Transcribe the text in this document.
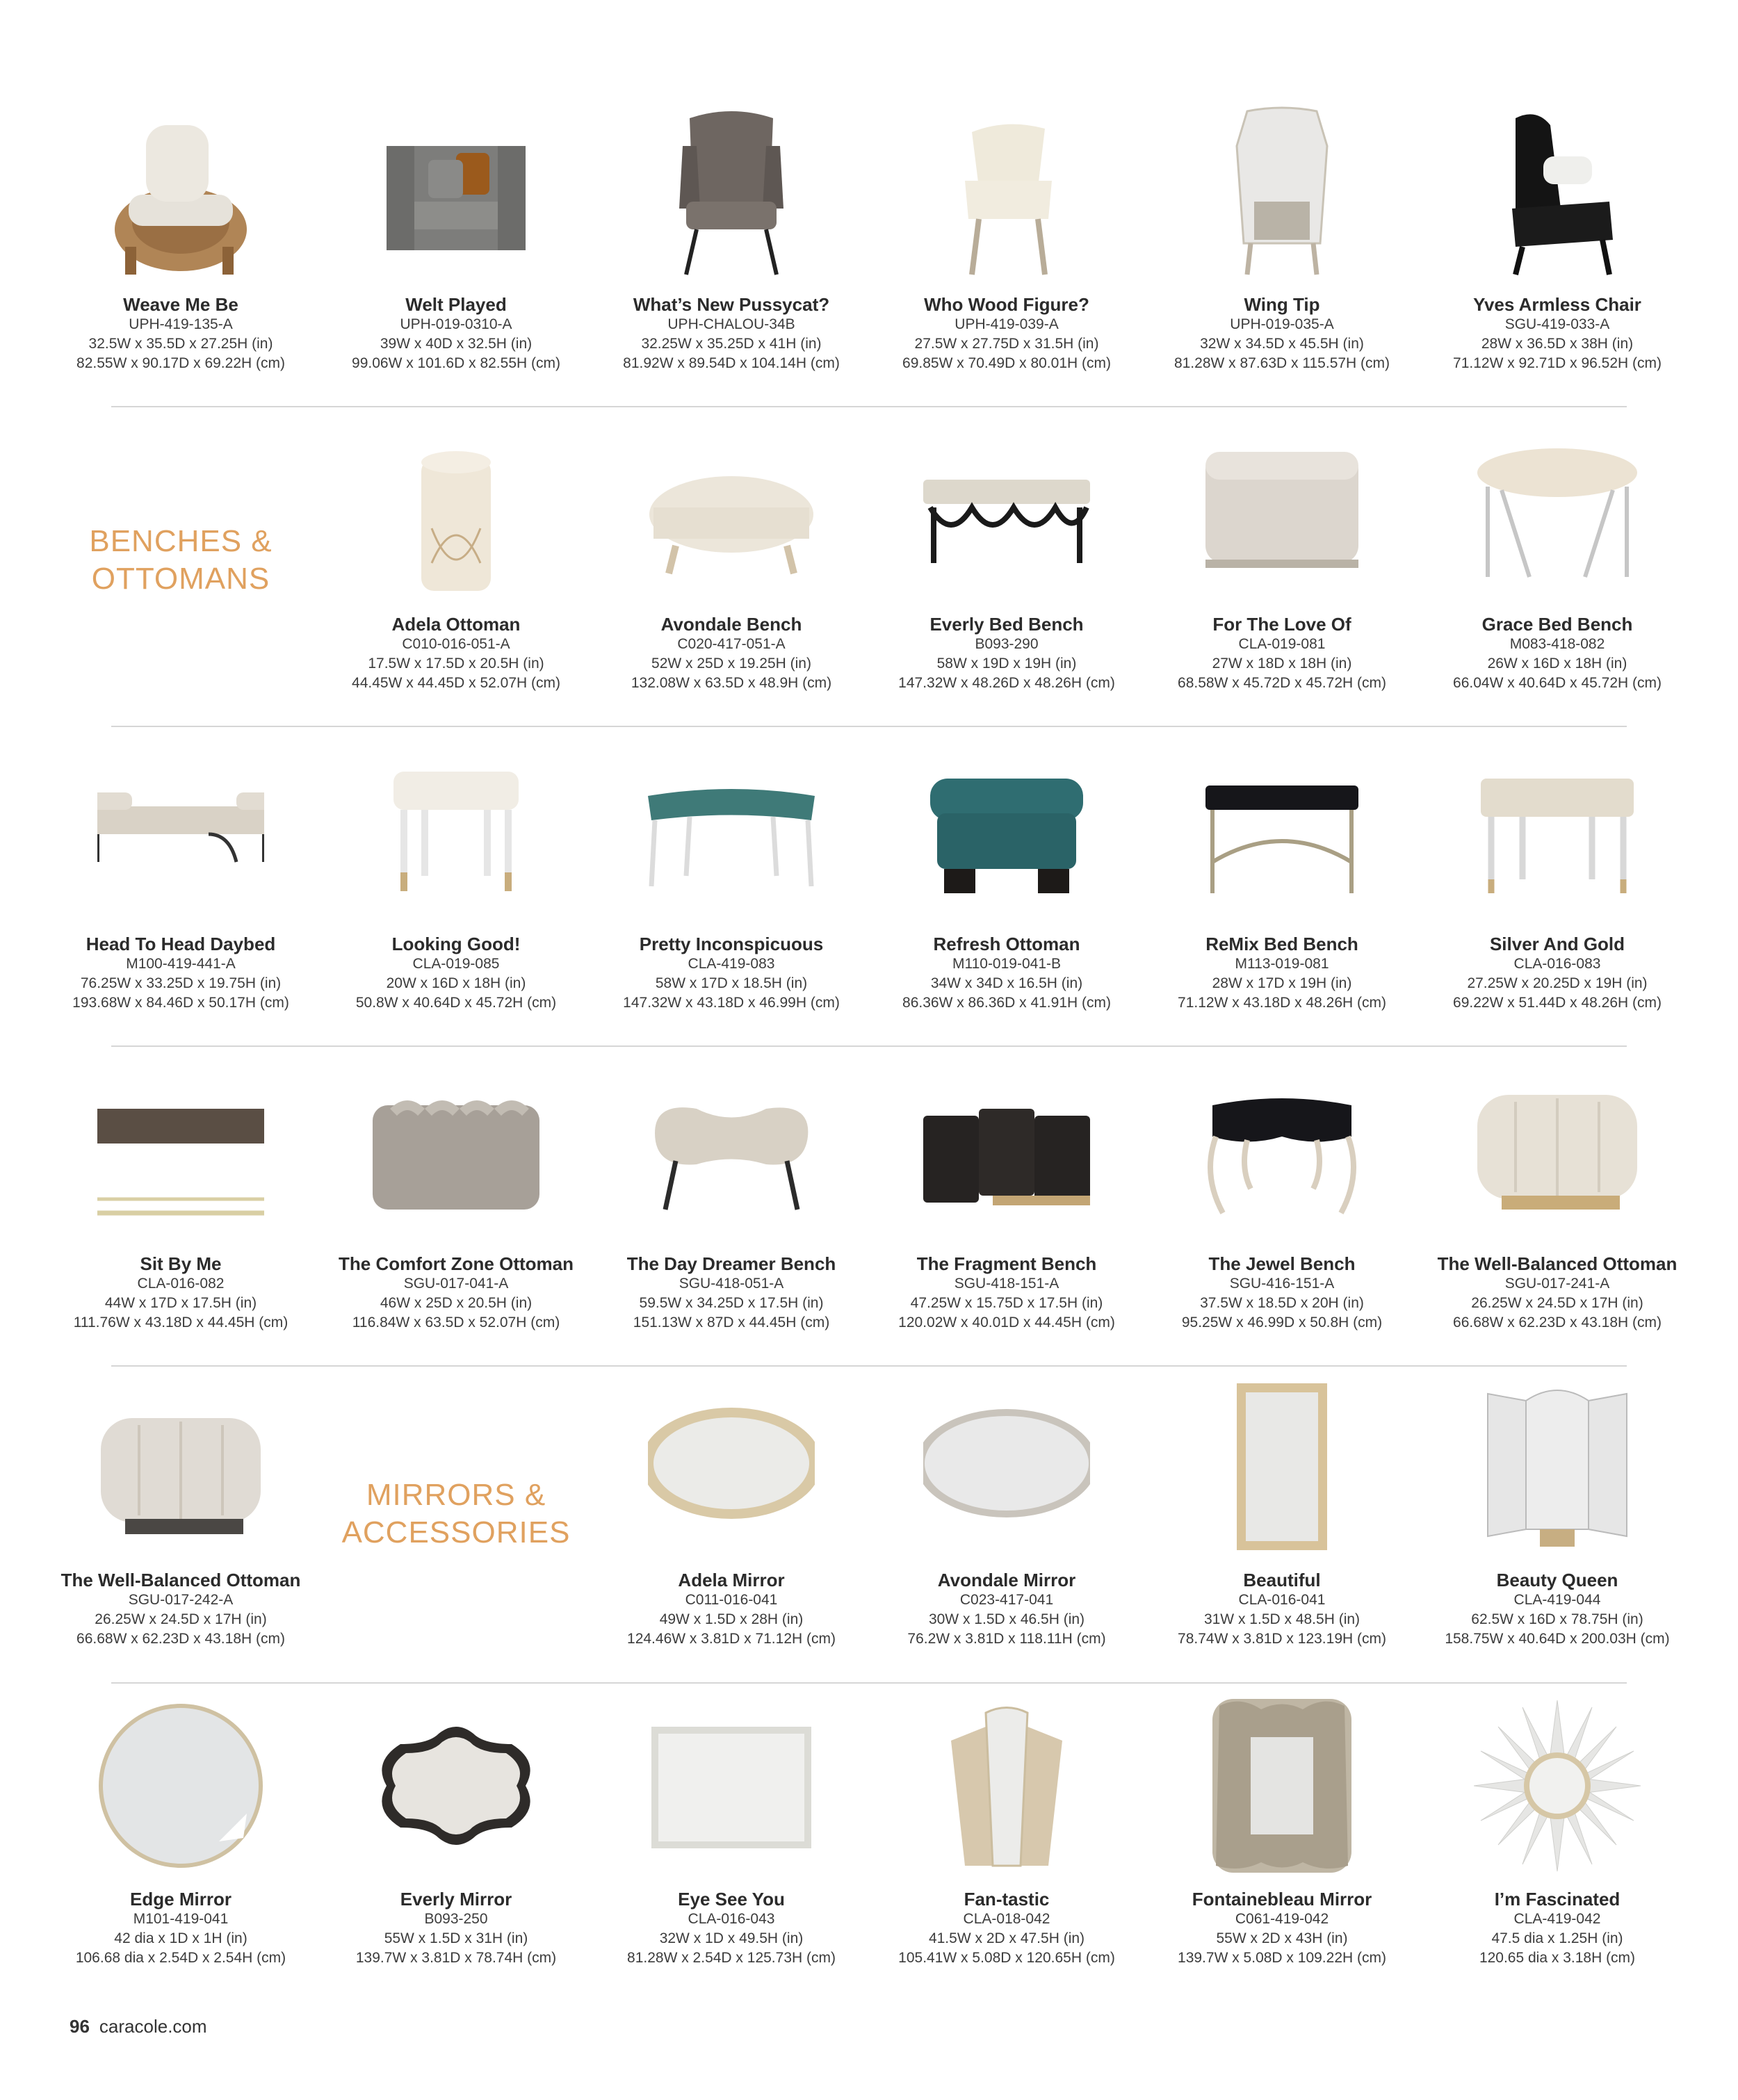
Weave Me Be
UPH-419-135-A
32.5W x 35.5D x 27.25H (in)
82.55W x 90.17D x 69.22H (cm)
Welt Played
UPH-019-0310-A
39W x 40D x 32.5H (in)
99.06W x 101.6D x 82.55H (cm)
What’s New Pussycat?
UPH-CHALOU-34B
32.25W x 35.25D x 41H (in)
81.92W x 89.54D x 104.14H (cm)
Who Wood Figure?
UPH-419-039-A
27.5W x 27.75D x 31.5H (in)
69.85W x 70.49D x 80.01H (cm)
Wing Tip
UPH-019-035-A
32W x 34.5D x 45.5H (in)
81.28W x 87.63D x 115.57H (cm)
Yves Armless Chair
SGU-419-033-A
28W x 36.5D x 38H (in)
71.12W x 92.71D x 96.52H (cm)
BENCHES &
OTTOMANS
Adela Ottoman
C010-016-051-A
17.5W x 17.5D x 20.5H (in)
44.45W x 44.45D x 52.07H (cm)
Avondale Bench
C020-417-051-A
52W x 25D x 19.25H (in)
132.08W x 63.5D x 48.9H (cm)
Everly Bed Bench
B093-290
58W x 19D x 19H (in)
147.32W x 48.26D x 48.26H (cm)
For The Love Of
CLA-019-081
27W x 18D x 18H (in)
68.58W x 45.72D x 45.72H (cm)
Grace Bed Bench
M083-418-082
26W x 16D x 18H (in)
66.04W x 40.64D x 45.72H (cm)
Head To Head Daybed
M100-419-441-A
76.25W x 33.25D x 19.75H (in)
193.68W x 84.46D x 50.17H (cm)
Looking Good!
CLA-019-085
20W x 16D x 18H (in)
50.8W x 40.64D x 45.72H (cm)
Pretty Inconspicuous
CLA-419-083
58W x 17D x 18.5H (in)
147.32W x 43.18D x 46.99H (cm)
Refresh Ottoman
M110-019-041-B
34W x 34D x 16.5H (in)
86.36W x 86.36D x 41.91H (cm)
ReMix Bed Bench
M113-019-081
28W x 17D x 19H (in)
71.12W x 43.18D x 48.26H (cm)
Silver And Gold
CLA-016-083
27.25W x 20.25D x 19H (in)
69.22W x 51.44D x 48.26H (cm)
Sit By Me
CLA-016-082
44W x 17D x 17.5H (in)
111.76W x 43.18D x 44.45H (cm)
The Comfort Zone Ottoman
SGU-017-041-A
46W x 25D x 20.5H (in)
116.84W x 63.5D x 52.07H (cm)
The Day Dreamer Bench
SGU-418-051-A
59.5W x 34.25D x 17.5H (in)
151.13W x 87D x 44.45H (cm)
The Fragment Bench
SGU-418-151-A
47.25W x 15.75D x 17.5H (in)
120.02W x 40.01D x 44.45H (cm)
The Jewel Bench
SGU-416-151-A
37.5W x 18.5D x 20H (in)
95.25W x 46.99D x 50.8H (cm)
The Well-Balanced Ottoman
SGU-017-241-A
26.25W x 24.5D x 17H (in)
66.68W x 62.23D x 43.18H (cm)
MIRRORS &
ACCESSORIES
The Well-Balanced Ottoman
SGU-017-242-A
26.25W x 24.5D x 17H (in)
66.68W x 62.23D x 43.18H (cm)
Adela Mirror
C011-016-041
49W x 1.5D x 28H (in)
124.46W x 3.81D x 71.12H (cm)
Avondale Mirror
C023-417-041
30W x 1.5D x 46.5H (in)
76.2W x 3.81D x 118.11H (cm)
Beautiful
CLA-016-041
31W x 1.5D x 48.5H (in)
78.74W x 3.81D x 123.19H (cm)
Beauty Queen
CLA-419-044
62.5W x 16D x 78.75H (in)
158.75W x 40.64D x 200.03H (cm)
Edge Mirror
M101-419-041
42 dia x 1D x 1H (in)
106.68 dia x 2.54D x 2.54H (cm)
Everly Mirror
B093-250
55W x 1.5D x 31H (in)
139.7W x 3.81D x 78.74H (cm)
Eye See You
CLA-016-043
32W x 1D x 49.5H (in)
81.28W x 2.54D x 125.73H (cm)
Fan-tastic
CLA-018-042
41.5W x 2D x 47.5H (in)
105.41W x 5.08D x 120.65H (cm)
Fontainebleau Mirror
C061-419-042
55W x 2D x 43H (in)
139.7W x 5.08D x 109.22H (cm)
I’m Fascinated
CLA-419-042
47.5 dia x 1.25H (in)
120.65 dia x 3.18H (cm)
96 caracole.com
